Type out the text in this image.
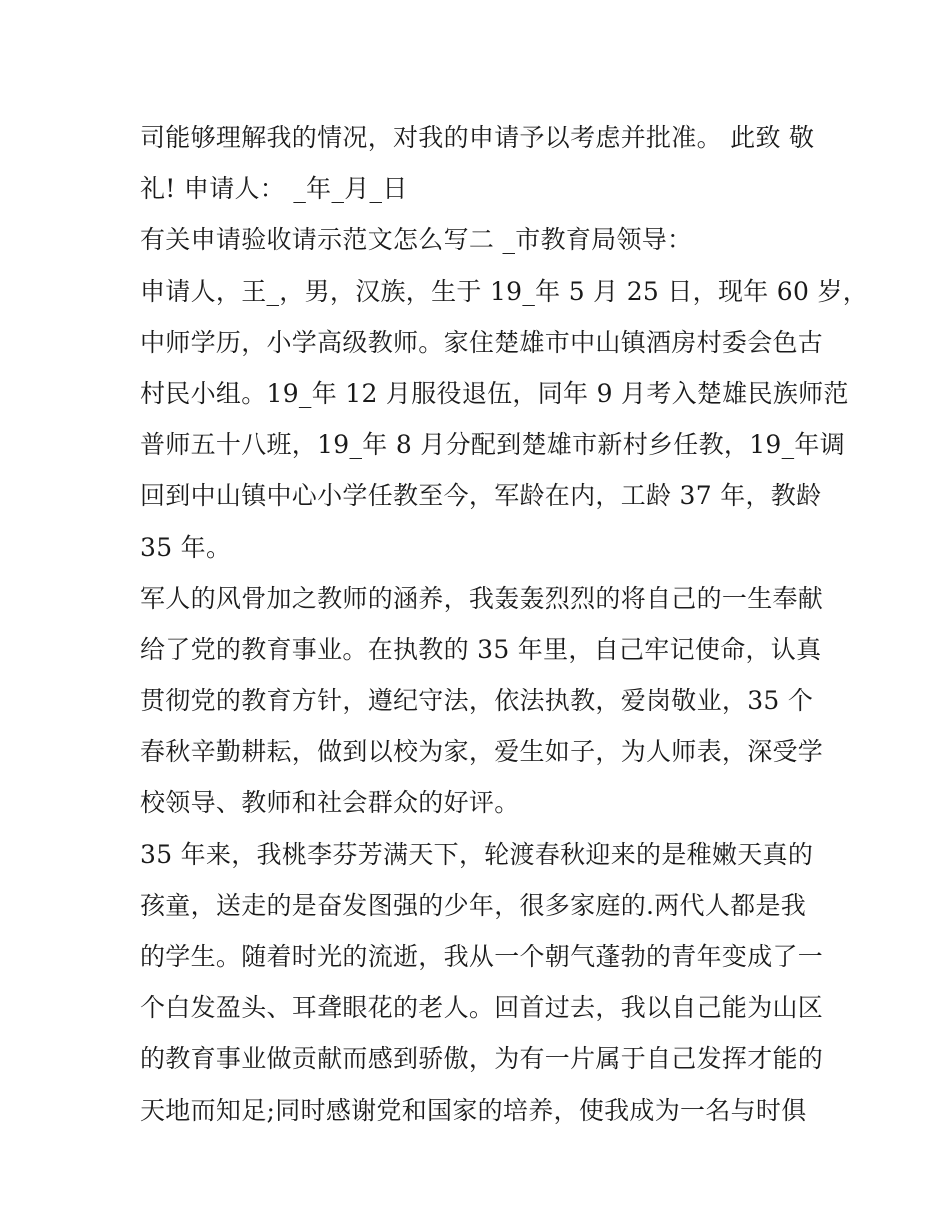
司能够理解我的情况，对我的申请予以考虑并批准。 此致 敬
礼! 申请人： _年_月_日
有关申请验收请示范文怎么写二 _市教育局领导：
申请人，王_，男，汉族，生于 19_年 5 月 25 日，现年 60 岁，
中师学历，小学高级教师。家住楚雄市中山镇酒房村委会色古
村民小组。19_年 12 月服役退伍，同年 9 月考入楚雄民族师范
普师五十八班，19_年 8 月分配到楚雄市新村乡任教，19_年调
回到中山镇中心小学任教至今，军龄在内，工龄 37 年，教龄
35 年。
军人的风骨加之教师的涵养，我轰轰烈烈的将自己的一生奉献
给了党的教育事业。在执教的 35 年里，自己牢记使命，认真
贯彻党的教育方针，遵纪守法，依法执教，爱岗敬业，35 个
春秋辛勤耕耘，做到以校为家，爱生如子，为人师表，深受学
校领导、教师和社会群众的好评。
35 年来，我桃李芬芳满天下，轮渡春秋迎来的是稚嫩天真的
孩童，送走的是奋发图强的少年，很多家庭的.两代人都是我
的学生。随着时光的流逝，我从一个朝气蓬勃的青年变成了一
个白发盈头、耳聋眼花的老人。回首过去，我以自己能为山区
的教育事业做贡献而感到骄傲，为有一片属于自己发挥才能的
天地而知足;同时感谢党和国家的培养，使我成为一名与时俱
